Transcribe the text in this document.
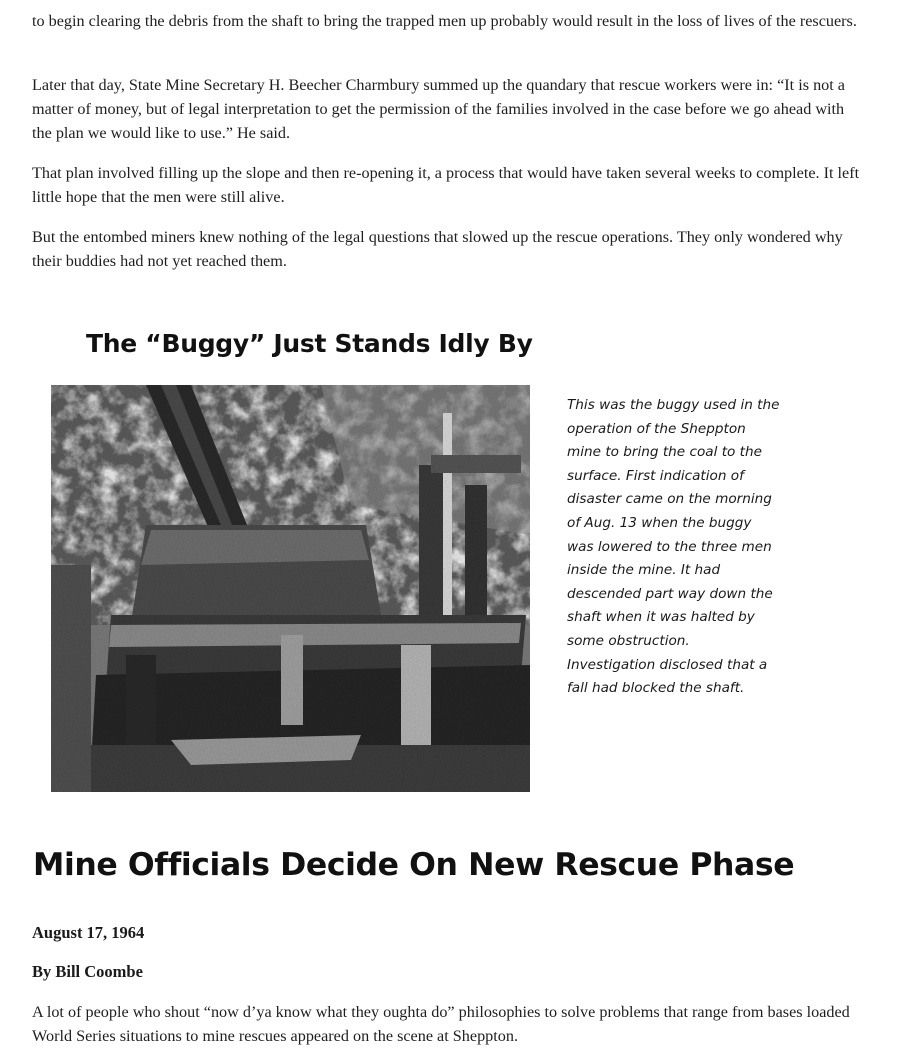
to begin clearing the debris from the shaft to bring the trapped men up probably would result in the loss of lives of the rescuers.

Later that day, State Mine Secretary H. Beecher Charmbury summed up the quandary that rescue workers were in: “It is not a matter of money, but of legal interpretation to get the permission of the families involved in the case before we go ahead with the plan we would like to use.” He said.

That plan involved filling up the slope and then re-opening it, a process that would have taken several weeks to complete. It left little hope that the men were still alive.

But the entombed miners knew nothing of the legal questions that slowed up the rescue operations. They only wondered why their buddies had not yet reached them.

The “Buggy” Just Stands Idly By

This was the buggy used in the operation of the Sheppton mine to bring the coal to the surface. First indication of disaster came on the morning of Aug. 13 when the buggy was lowered to the three men inside the mine. It had descended part way down the shaft when it was halted by some obstruction. Investigation disclosed that a fall had blocked the shaft.

Mine Officials Decide On New Rescue Phase

August 17, 1964

By Bill Coombe

A lot of people who shout “now d’ya know what they oughta do” philosophies to solve problems that range from bases loaded World Series situations to mine rescues appeared on the scene at Sheppton.
